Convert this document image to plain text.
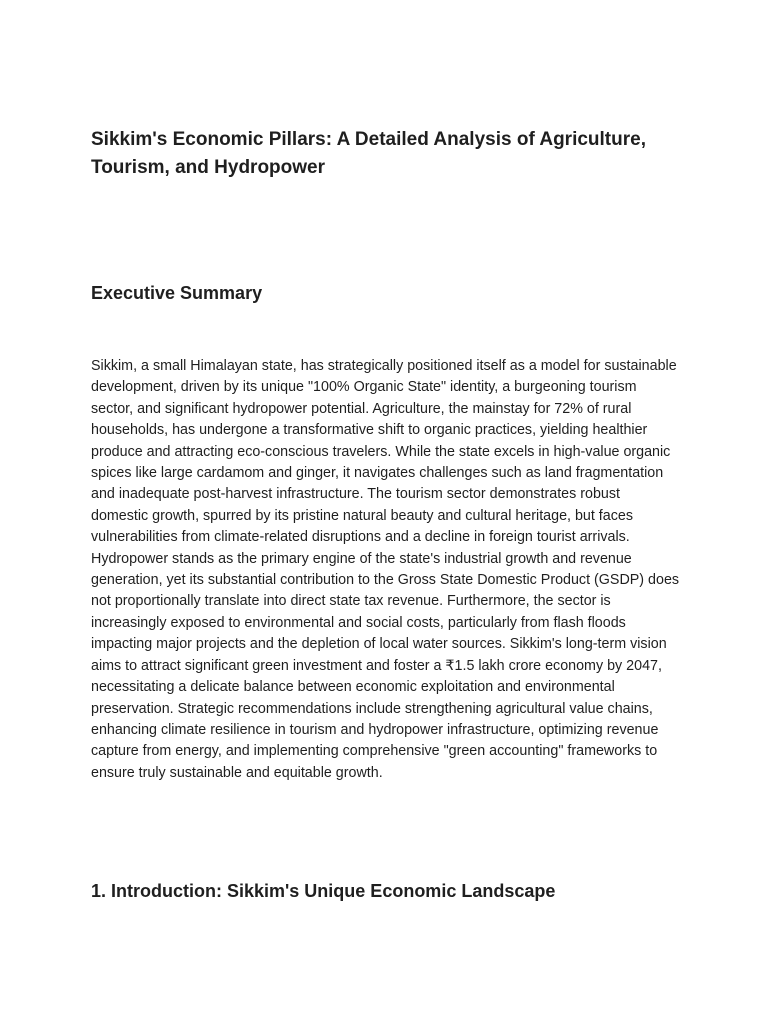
Sikkim's Economic Pillars: A Detailed Analysis of Agriculture, Tourism, and Hydropower
Executive Summary

Sikkim, a small Himalayan state, has strategically positioned itself as a model for sustainable development, driven by its unique "100% Organic State" identity, a burgeoning tourism sector, and significant hydropower potential. Agriculture, the mainstay for 72% of rural households, has undergone a transformative shift to organic practices, yielding healthier produce and attracting eco-conscious travelers. While the state excels in high-value organic spices like large cardamom and ginger, it navigates challenges such as land fragmentation and inadequate post-harvest infrastructure. The tourism sector demonstrates robust domestic growth, spurred by its pristine natural beauty and cultural heritage, but faces vulnerabilities from climate-related disruptions and a decline in foreign tourist arrivals. Hydropower stands as the primary engine of the state's industrial growth and revenue generation, yet its substantial contribution to the Gross State Domestic Product (GSDP) does not proportionally translate into direct state tax revenue. Furthermore, the sector is increasingly exposed to environmental and social costs, particularly from flash floods impacting major projects and the depletion of local water sources. Sikkim's long-term vision aims to attract significant green investment and foster a ₹1.5 lakh crore economy by 2047, necessitating a delicate balance between economic exploitation and environmental preservation. Strategic recommendations include strengthening agricultural value chains, enhancing climate resilience in tourism and hydropower infrastructure, optimizing revenue capture from energy, and implementing comprehensive "green accounting" frameworks to ensure truly sustainable and equitable growth.

1. Introduction: Sikkim's Unique Economic Landscape
